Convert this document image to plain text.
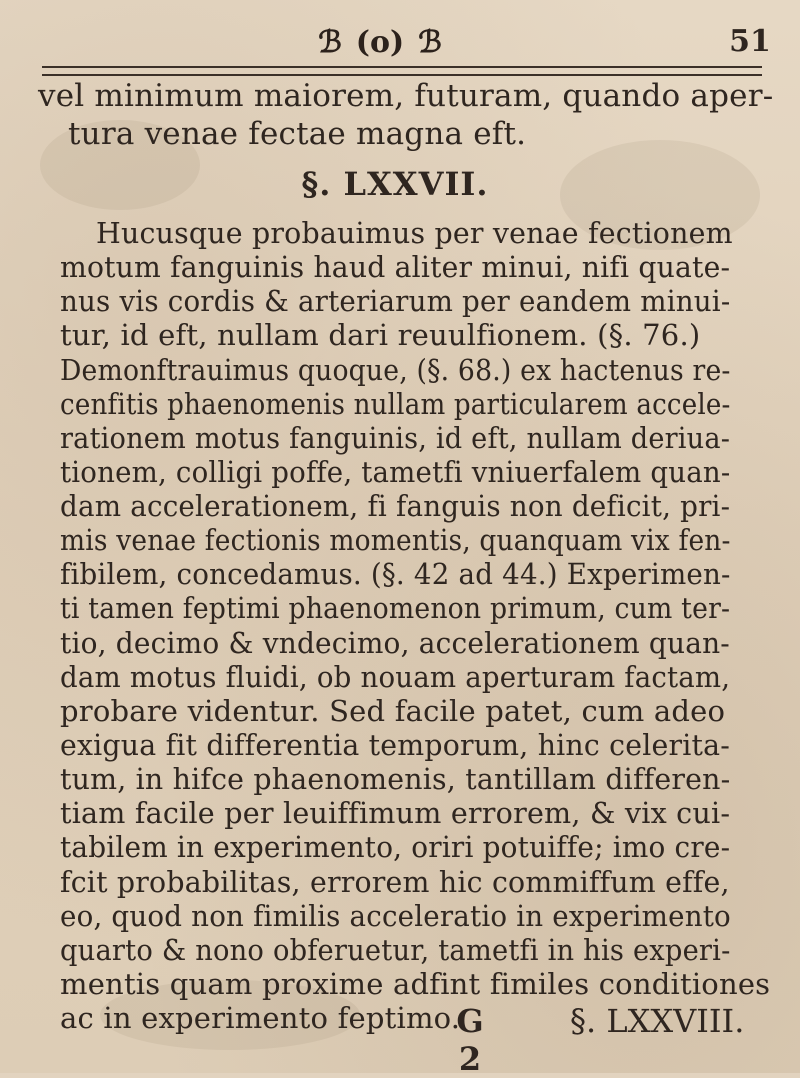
ℬ (o) ℬ	51
vel minimum maiorem, futuram, quando aper-
tura venae fectae magna eft.
§. LXXVII.
Hucusque probauimus per venae fectionem
motum fanguinis haud aliter minui, nifi quate-
nus vis cordis & arteriarum per eandem minui-
tur, id eft, nullam dari reuulfionem. (§. 76.)
Demonftrauimus quoque, (§. 68.) ex hactenus re-
cenfitis phaenomenis nullam particularem accele-
rationem motus fanguinis, id eft, nullam deriua-
tionem, colligi poffe, tametfi vniuerfalem quan-
dam accelerationem, fi fanguis non deficit, pri-
mis venae fectionis momentis, quanquam vix fen-
fibilem, concedamus. (§. 42 ad 44.) Experimen-
ti tamen feptimi phaenomenon primum, cum ter-
tio, decimo & vndecimo, accelerationem quan-
dam motus fluidi, ob nouam aperturam factam,
probare videntur. Sed facile patet, cum adeo
exigua fit differentia temporum, hinc celerita-
tum, in hifce phaenomenis, tantillam differen-
tiam facile per leuiffimum errorem, & vix cui-
tabilem in experimento, oriri potuiffe; imo cre-
fcit probabilitas, errorem hic commiffum effe,
eo, quod non fimilis acceleratio in experimento
quarto & nono obferuetur, tametfi in his experi-
G 2
§. LXXVIII.
mentis quam proxime adfint fimiles conditiones
ac in experimento feptimo.
